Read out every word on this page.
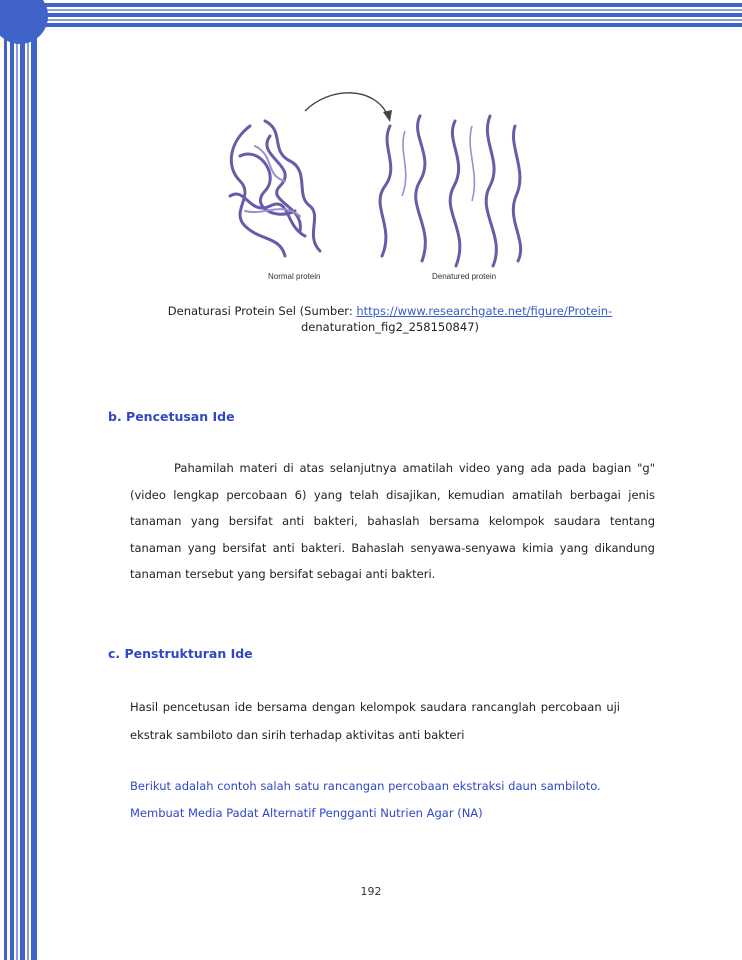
Normal protein	Denatured protein
Denaturasi Protein Sel (Sumber: https://www.researchgate.net/figure/Protein-
denaturation_fig2_258150847)
b. Pencetusan Ide
Pahamilah materi di atas selanjutnya amatilah video yang ada pada bagian "g" (video lengkap percobaan 6) yang telah disajikan, kemudian amatilah berbagai jenis tanaman yang bersifat anti bakteri, bahaslah bersama kelompok saudara tentang tanaman yang bersifat anti bakteri. Bahaslah senyawa-senyawa kimia yang dikandung tanaman tersebut yang bersifat sebagai anti bakteri.
c. Penstrukturan Ide
Hasil pencetusan ide bersama dengan kelompok saudara rancanglah percobaan uji ekstrak sambiloto dan sirih terhadap aktivitas anti bakteri
Berikut adalah contoh salah satu rancangan percobaan ekstraksi daun sambiloto.
Membuat Media Padat Alternatif Pengganti Nutrien Agar (NA)
192
